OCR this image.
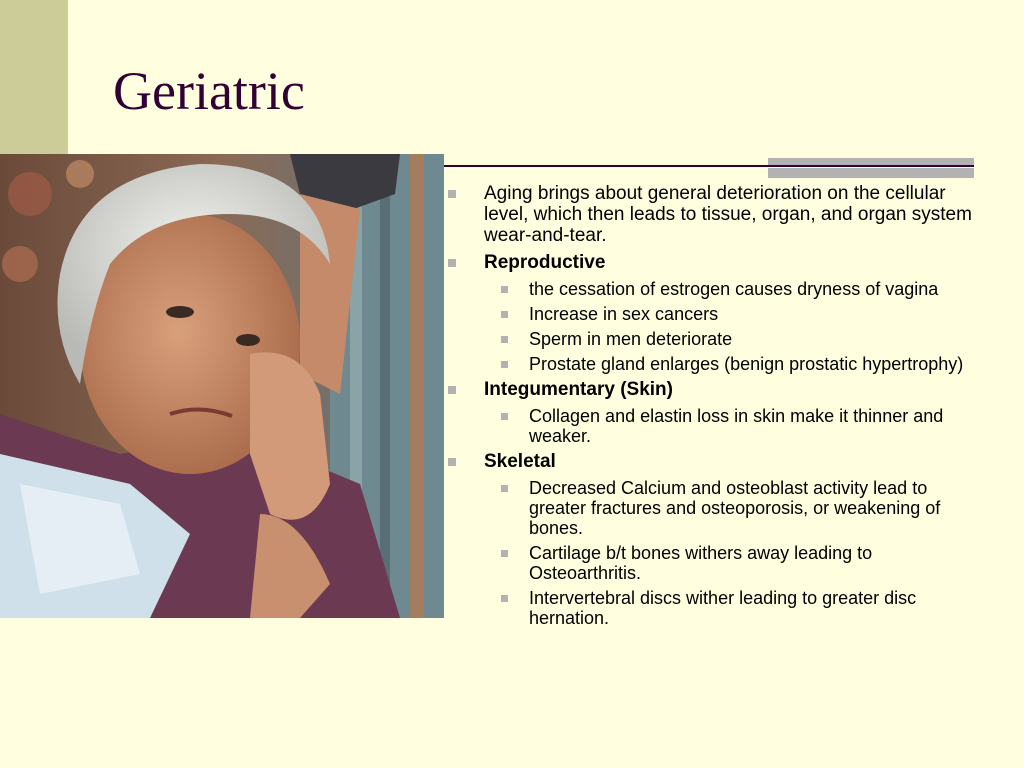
Geriatric
Aging brings about general deterioration on the cellular level, which then leads to tissue, organ, and organ system wear-and-tear.
Reproductive
the cessation of estrogen causes dryness of vagina
Increase in sex cancers
Sperm in men deteriorate
Prostate gland enlarges (benign prostatic hypertrophy)
Integumentary (Skin)
Collagen and elastin loss in skin make it thinner and weaker.
Skeletal
Decreased Calcium and osteoblast activity lead to greater fractures and osteoporosis, or weakening of bones.
Cartilage b/t bones withers away leading to Osteoarthritis.
Intervertebral discs wither leading to greater disc hernation.
